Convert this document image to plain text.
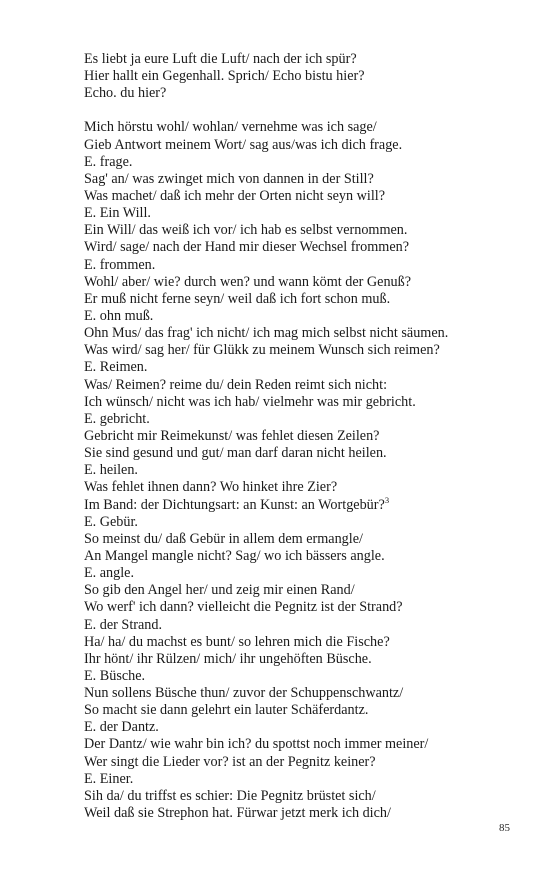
Es liebt ja eure Luft die Luft/ nach der ich spür?
Hier hallt ein Gegenhall. Sprich/ Echo bistu hier?
Echo. du hier?
Mich hörstu wohl/ wohlan/ vernehme was ich sage/
Gieb Antwort meinem Wort/ sag aus/was ich dich frage.
E. frage.
Sag' an/ was zwinget mich von dannen in der Still?
Was machet/ daß ich mehr der Orten nicht seyn will?
E. Ein Will.
Ein Will/ das weiß ich vor/ ich hab es selbst vernommen.
Wird/ sage/ nach der Hand mir dieser Wechsel frommen?
E. frommen.
Wohl/ aber/ wie? durch wen? und wann kömt der Genuß?
Er muß nicht ferne seyn/ weil daß ich fort schon muß.
E. ohn muß.
Ohn Mus/ das frag' ich nicht/ ich mag mich selbst nicht säumen.
Was wird/ sag her/ für Glükk zu meinem Wunsch sich reimen?
E. Reimen.
Was/ Reimen? reime du/ dein Reden reimt sich nicht:
Ich wünsch/ nicht was ich hab/ vielmehr was mir gebricht.
E. gebricht.
Gebricht mir Reimekunst/ was fehlet diesen Zeilen?
Sie sind gesund und gut/ man darf daran nicht heilen.
E. heilen.
Was fehlet ihnen dann? Wo hinket ihre Zier?
Im Band: der Dichtungsart: an Kunst: an Wortgebür?$^3$
E. Gebür.
So meinst du/ daß Gebür in allem dem ermangle/
An Mangel mangle nicht? Sag/ wo ich bässers angle.
E. angle.
So gib den Angel her/ und zeig mir einen Rand/
Wo werf' ich dann? vielleicht die Pegnitz ist der Strand?
E. der Strand.
Ha/ ha/ du machst es bunt/ so lehren mich die Fische?
Ihr hönt/ ihr Rülzen/ mich/ ihr ungehöften Büsche.
E. Büsche.
Nun sollens Büsche thun/ zuvor der Schuppenschwantz/
So macht sie dann gelehrt ein lauter Schäferdantz.
E. der Dantz.
Der Dantz/ wie wahr bin ich? du spottst noch immer meiner/
Wer singt die Lieder vor? ist an der Pegnitz keiner?
E. Einer.
Sih da/ du triffst es schier: Die Pegnitz brüstet sich/
Weil daß sie Strephon hat. Fürwar jetzt merk ich dich/
85
